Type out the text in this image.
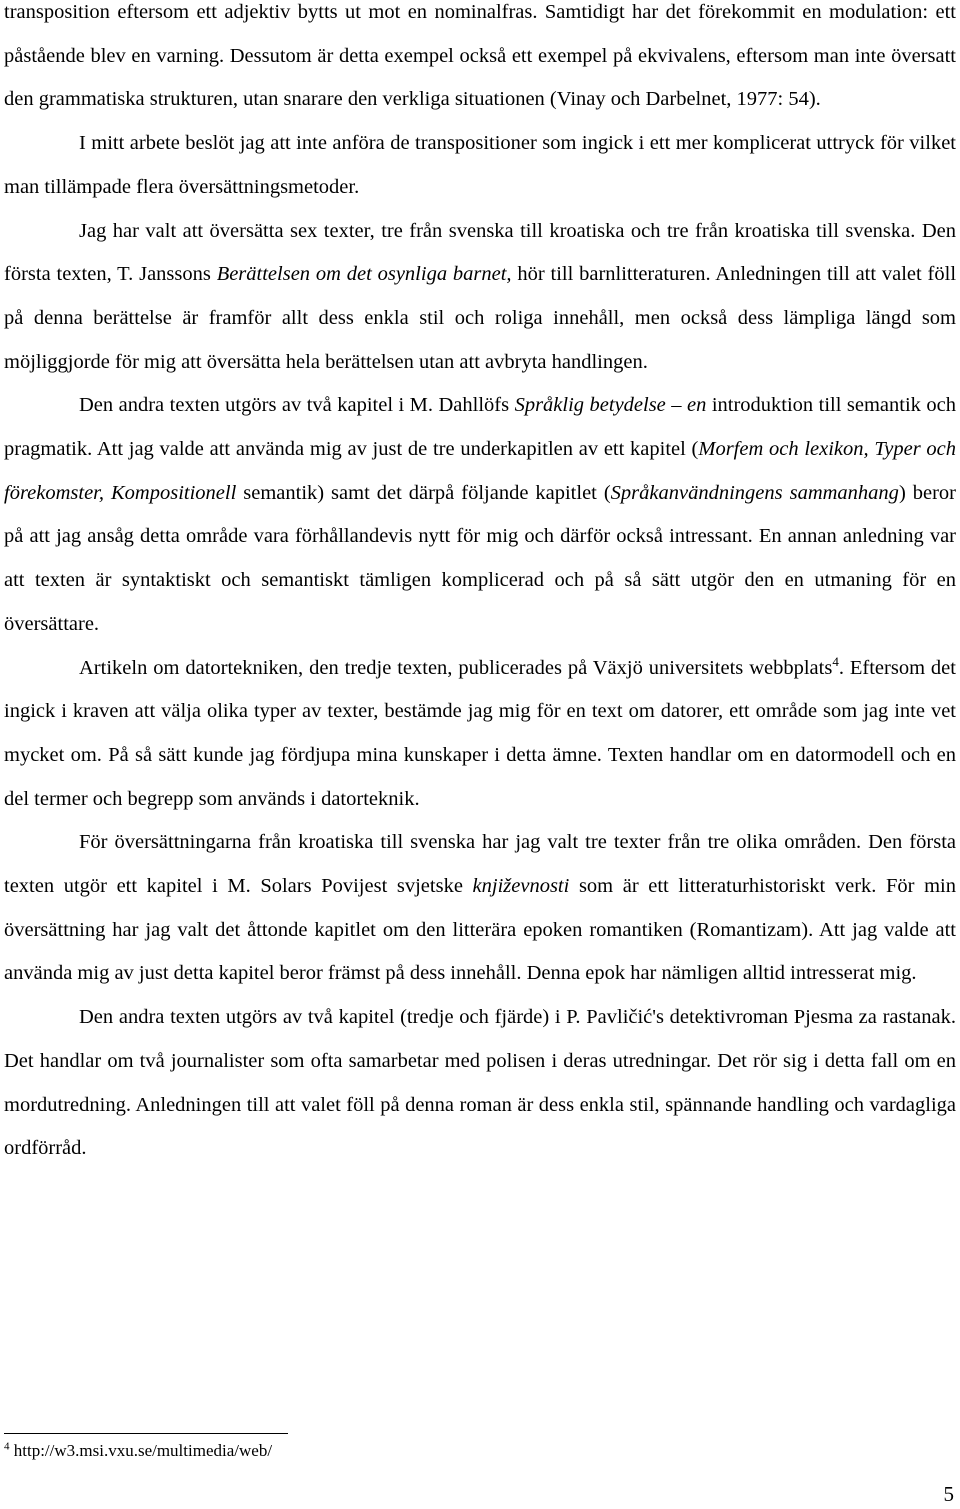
transposition eftersom ett adjektiv bytts ut mot en nominalfras. Samtidigt har det förekommit en modulation: ett påstående blev en varning. Dessutom är detta exempel också ett exempel på ekvivalens, eftersom man inte översatt den grammatiska strukturen, utan snarare den verkliga situationen (Vinay och Darbelnet, 1977: 54).

I mitt arbete beslöt jag att inte anföra de transpositioner som ingick i ett mer komplicerat uttryck för vilket man tillämpade flera översättningsmetoder.

Jag har valt att översätta sex texter, tre från svenska till kroatiska och tre från kroatiska till svenska. Den första texten, T. Janssons Berättelsen om det osynliga barnet, hör till barnlitteraturen. Anledningen till att valet föll på denna berättelse är framför allt dess enkla stil och roliga innehåll, men också dess lämpliga längd som möjliggjorde för mig att översätta hela berättelsen utan att avbryta handlingen.

Den andra texten utgörs av två kapitel i M. Dahllöfs Språklig betydelse – en introduktion till semantik och pragmatik. Att jag valde att använda mig av just de tre underkapitlen av ett kapitel (Morfem och lexikon, Typer och förekomster, Kompositionell semantik) samt det därpå följande kapitlet (Språkanvändningens sammanhang) beror på att jag ansåg detta område vara förhållandevis nytt för mig och därför också intressant. En annan anledning var att texten är syntaktiskt och semantiskt tämligen komplicerad och på så sätt utgör den en utmaning för en översättare.

Artikeln om datortekniken, den tredje texten, publicerades på Växjö universitets webbplats$^4$. Eftersom det ingick i kraven att välja olika typer av texter, bestämde jag mig för en text om datorer, ett område som jag inte vet mycket om. På så sätt kunde jag fördjupa mina kunskaper i detta ämne. Texten handlar om en datormodell och en del termer och begrepp som används i datorteknik.

För översättningarna från kroatiska till svenska har jag valt tre texter från tre olika områden. Den första texten utgör ett kapitel i M. Solars Povijest svjetske književnosti som är ett litteraturhistoriskt verk. För min översättning har jag valt det åttonde kapitlet om den litterära epoken romantiken (Romantizam). Att jag valde att använda mig av just detta kapitel beror främst på dess innehåll. Denna epok har nämligen alltid intresserat mig.

Den andra texten utgörs av två kapitel (tredje och fjärde) i P. Pavličić's detektivroman Pjesma za rastanak. Det handlar om två journalister som ofta samarbetar med polisen i deras utredningar. Det rör sig i detta fall om en mordutredning. Anledningen till att valet föll på denna roman är dess enkla stil, spännande handling och vardagliga ordförråd.

$^4$ http://w3.msi.vxu.se/multimedia/web/
5
